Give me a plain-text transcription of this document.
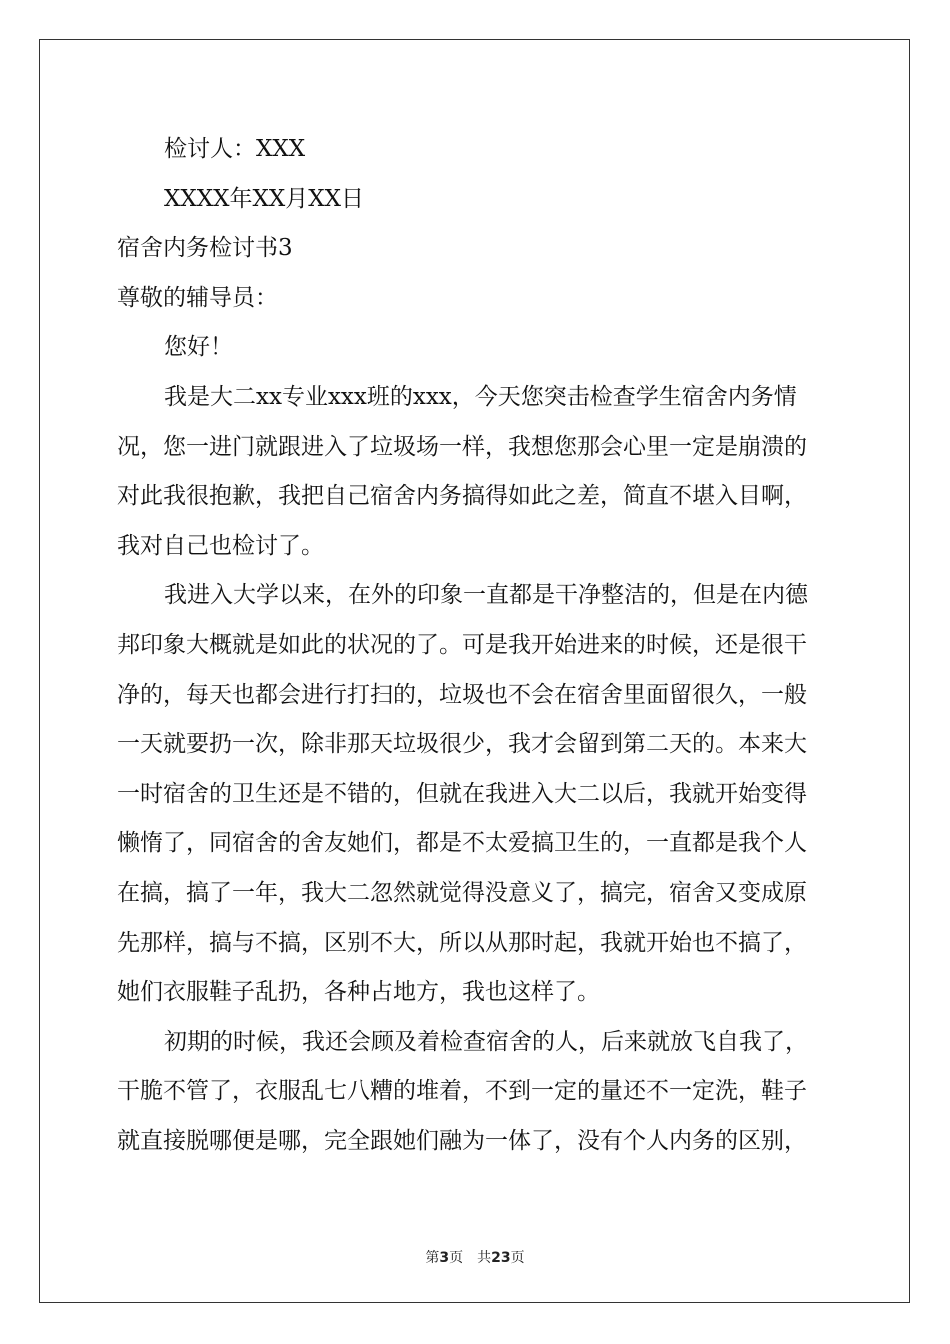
检讨人：XXX

XXXX年XX月XX日

宿舍内务检讨书3

尊敬的辅导员：

您好！

我是大二xx专业xxx班的xxx，今天您突击检查学生宿舍内务情

况，您一进门就跟进入了垃圾场一样，我想您那会心里一定是崩溃的

对此我很抱歉，我把自己宿舍内务搞得如此之差，简直不堪入目啊，

我对自己也检讨了。

我进入大学以来，在外的印象一直都是干净整洁的，但是在内德

邦印象大概就是如此的状况的了。可是我开始进来的时候，还是很干

净的，每天也都会进行打扫的，垃圾也不会在宿舍里面留很久，一般

一天就要扔一次，除非那天垃圾很少，我才会留到第二天的。本来大

一时宿舍的卫生还是不错的，但就在我进入大二以后，我就开始变得

懒惰了，同宿舍的舍友她们，都是不太爱搞卫生的，一直都是我个人

在搞，搞了一年，我大二忽然就觉得没意义了，搞完，宿舍又变成原

先那样，搞与不搞，区别不大，所以从那时起，我就开始也不搞了，

她们衣服鞋子乱扔，各种占地方，我也这样了。

初期的时候，我还会顾及着检查宿舍的人，后来就放飞自我了，

干脆不管了，衣服乱七八糟的堆着，不到一定的量还不一定洗，鞋子

就直接脱哪便是哪，完全跟她们融为一体了，没有个人内务的区别，

第3页 共23页
